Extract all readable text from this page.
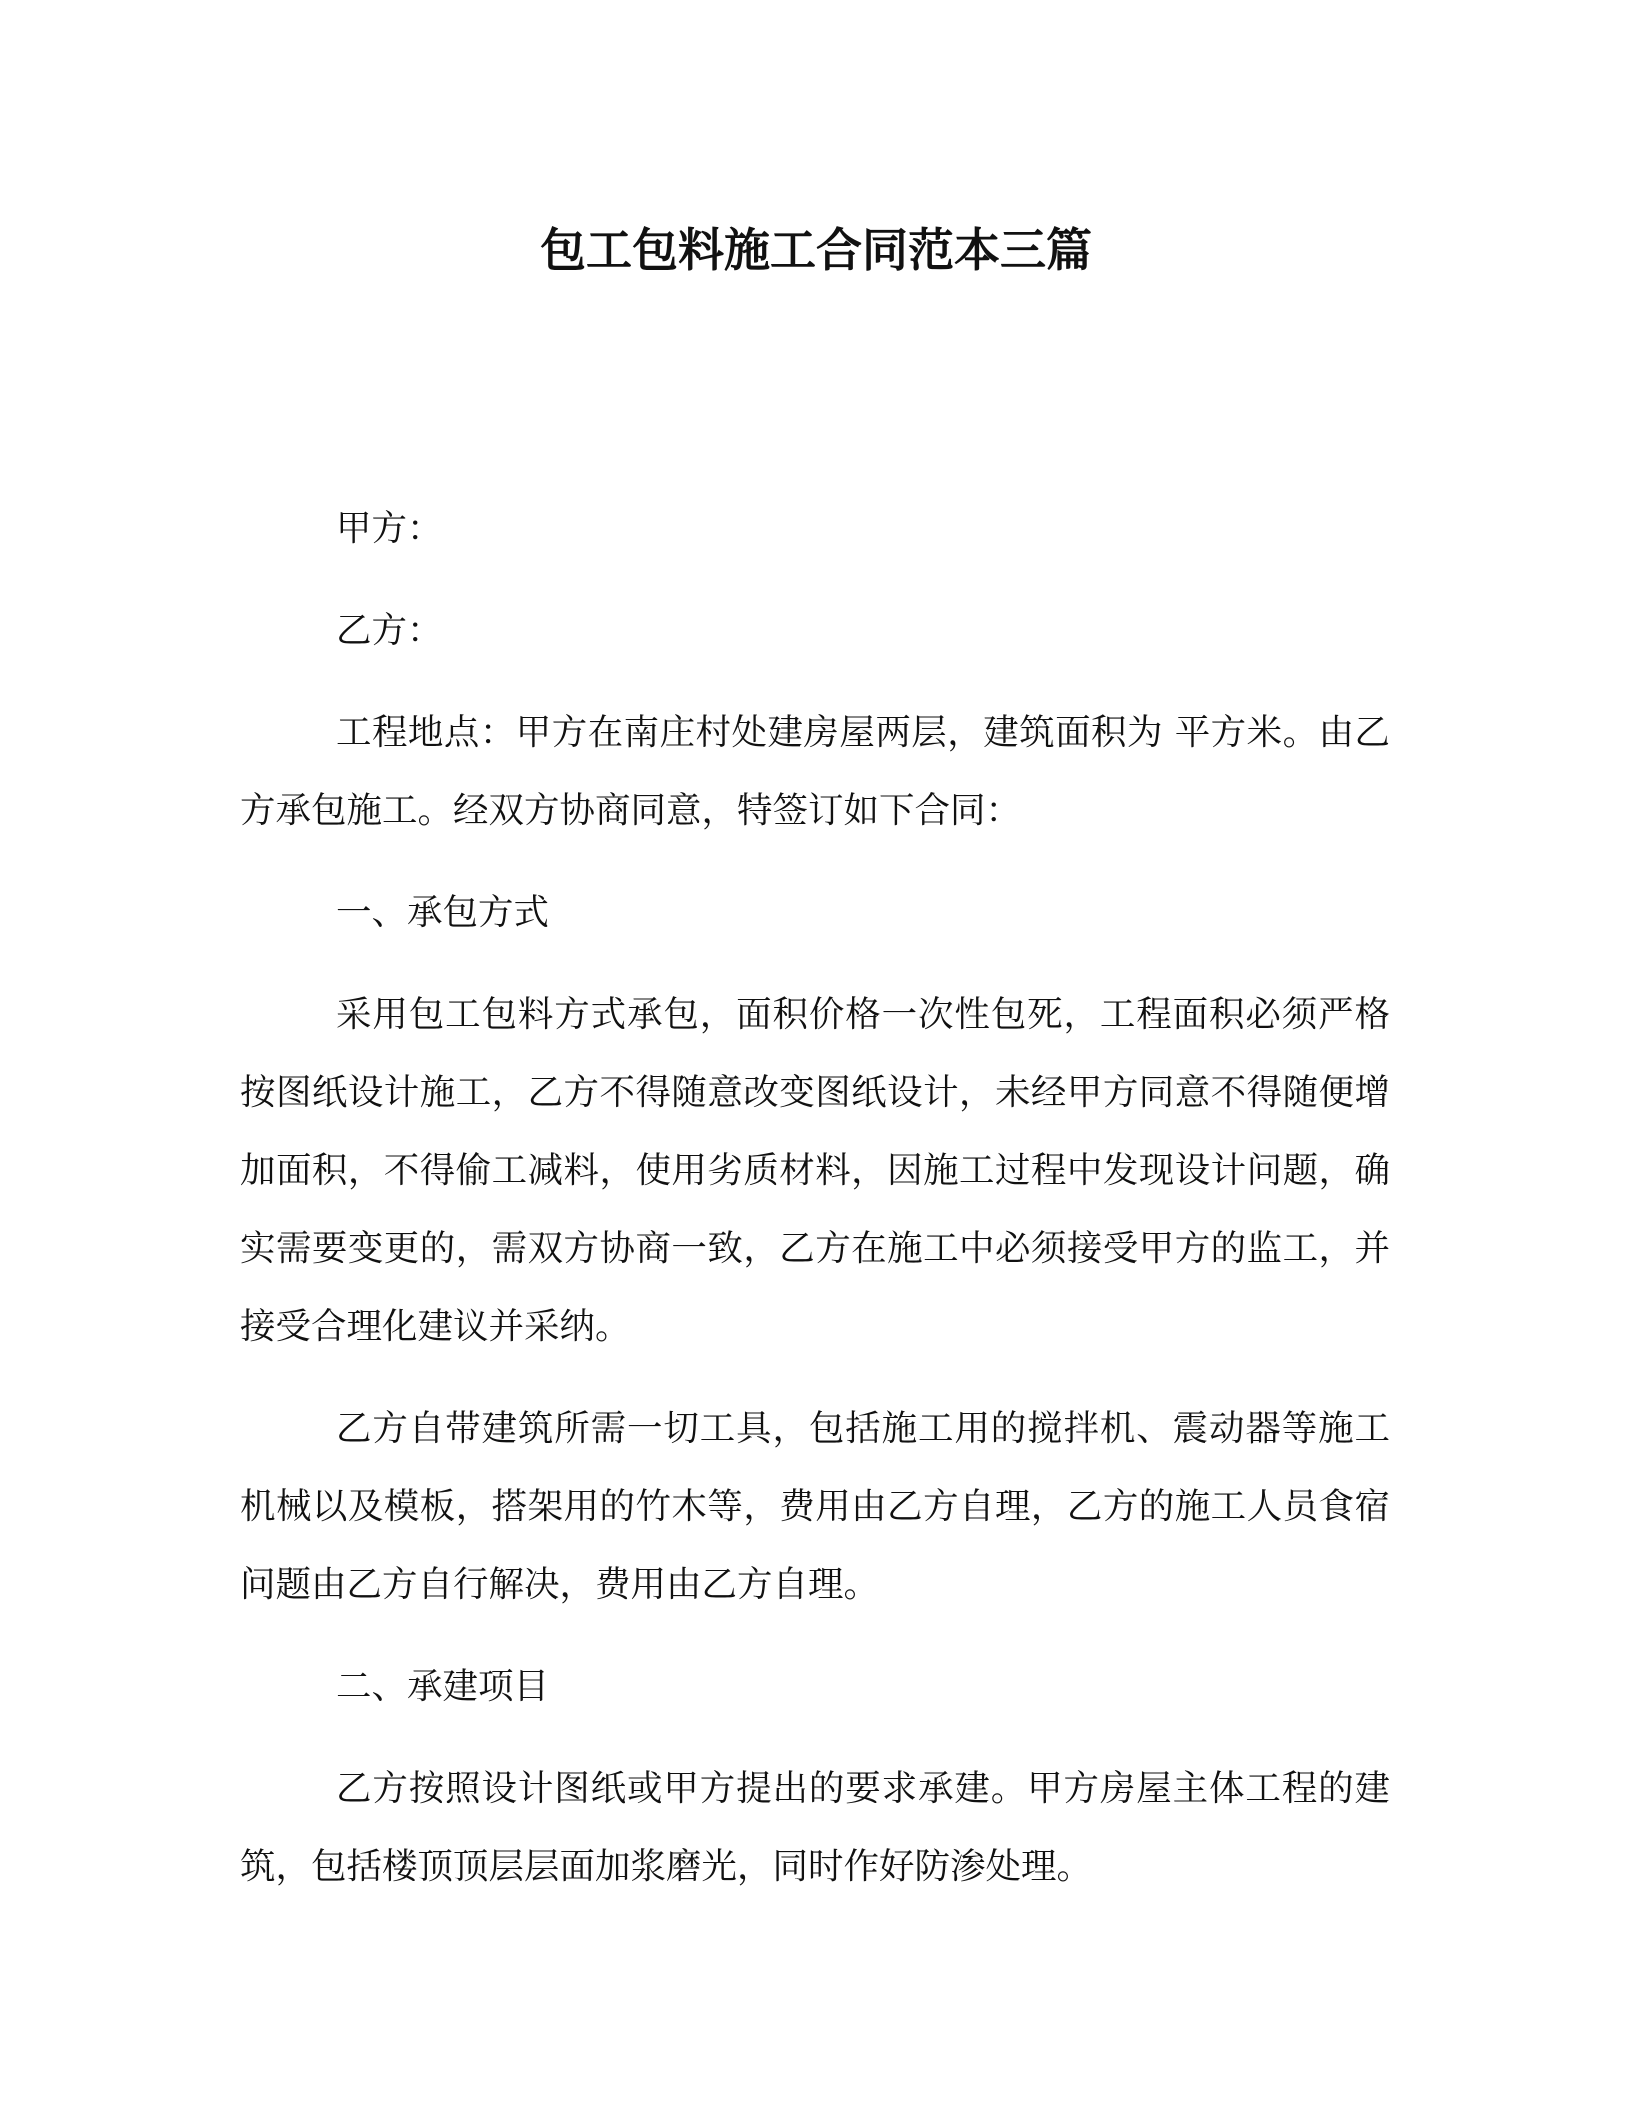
包工包料施工合同范本三篇

甲方：

乙方：

工程地点：甲方在南庄村处建房屋两层，建筑面积为 平方米。由乙方承包施工。经双方协商同意，特签订如下合同：

一、承包方式

采用包工包料方式承包，面积价格一次性包死，工程面积必须严格按图纸设计施工，乙方不得随意改变图纸设计，未经甲方同意不得随便增加面积，不得偷工减料，使用劣质材料，因施工过程中发现设计问题，确实需要变更的，需双方协商一致，乙方在施工中必须接受甲方的监工，并接受合理化建议并采纳。

乙方自带建筑所需一切工具，包括施工用的搅拌机、震动器等施工机械以及模板，搭架用的竹木等，费用由乙方自理，乙方的施工人员食宿问题由乙方自行解决，费用由乙方自理。

二、承建项目

乙方按照设计图纸或甲方提出的要求承建。甲方房屋主体工程的建筑，包括楼顶顶层层面加浆磨光，同时作好防渗处理。
